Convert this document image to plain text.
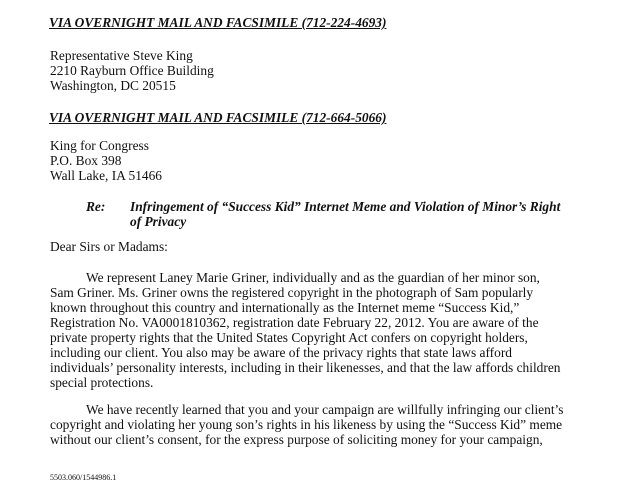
VIA OVERNIGHT MAIL AND FACSIMILE (712-224-4693)
Representative Steve King
2210 Rayburn Office Building
Washington, DC 20515
VIA OVERNIGHT MAIL AND FACSIMILE (712-664-5066)
King for Congress
P.O. Box 398
Wall Lake, IA 51466
Re: Infringement of “Success Kid” Internet Meme and Violation of Minor’s Right
of Privacy
Dear Sirs or Madams:
We represent Laney Marie Griner, individually and as the guardian of her minor son,
Sam Griner. Ms. Griner owns the registered copyright in the photograph of Sam popularly
known throughout this country and internationally as the Internet meme “Success Kid,”
Registration No. VA0001810362, registration date February 22, 2012. You are aware of the
private property rights that the United States Copyright Act confers on copyright holders,
including our client. You also may be aware of the privacy rights that state laws afford
individuals’ personality interests, including in their likenesses, and that the law affords children
special protections.
We have recently learned that you and your campaign are willfully infringing our client’s
copyright and violating her young son’s rights in his likeness by using the “Success Kid” meme
without our client’s consent, for the express purpose of soliciting money for your campaign,
5503.060/1544986.1
